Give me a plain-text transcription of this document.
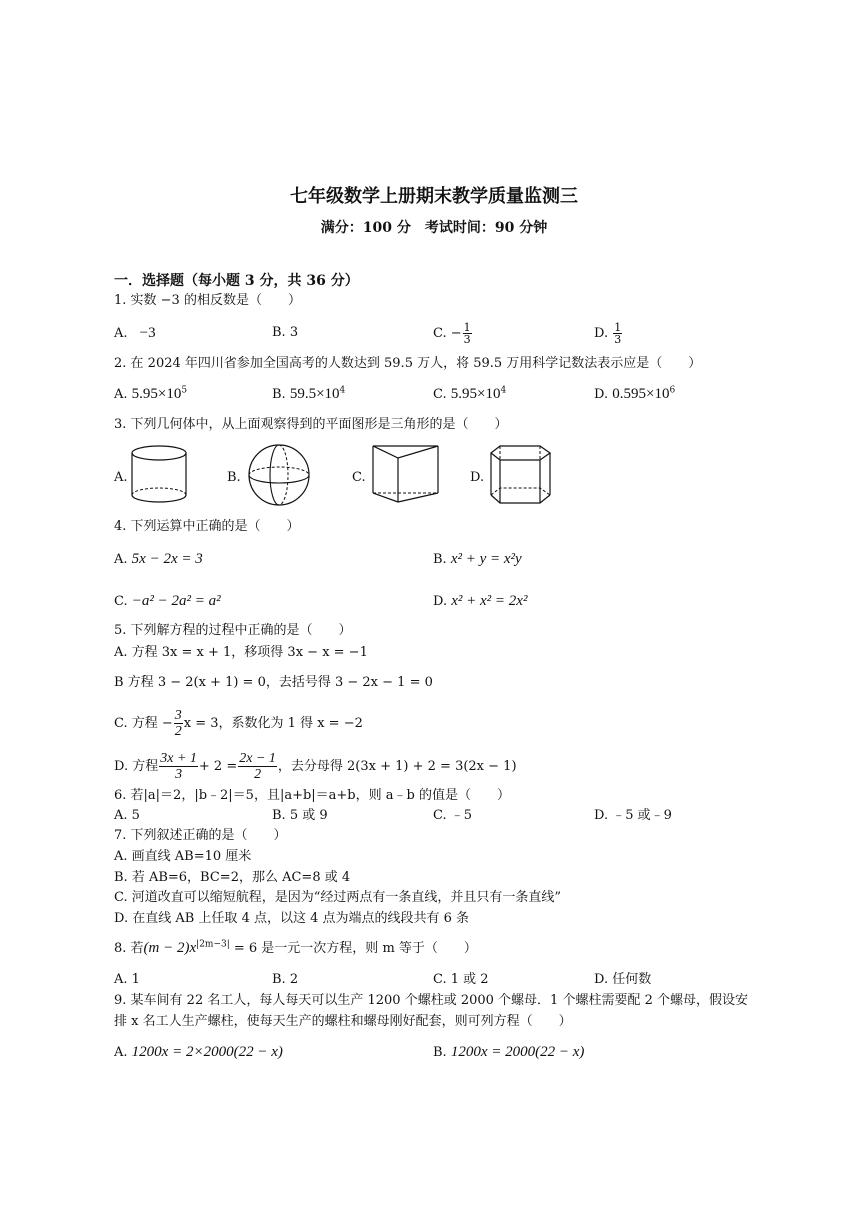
七年级数学上册期末教学质量监测三
满分：100 分　考试时间：90 分钟
一．选择题（每小题 3 分，共 36 分）
1. 实数 −3 的相反数是（　　）
A. −3	B. 3	C. − $\frac{1}{3}$	D. $\frac{1}{3}$
2. 在 2024 年四川省参加全国高考的人数达到 59.5 万人，将 59.5 万用科学记数法表示应是（　　）
A. $5.95\times 10^5$	B. $59.5\times 10^4$	C. $5.95\times 10^4$	D. $0.595\times 10^6$
3. 下列几何体中，从上面观察得到的平面图形是三角形的是（　　）
A.	B.	C.	D.
4. 下列运算中正确的是（　　）
A. 5x − 2x = 3	B. x² + y = x²y
C. −a² − 2a² = a²	D. x² + x² = 2x²
5. 下列解方程的过程中正确的是（　　）
A. 方程 3x = x + 1，移项得 3x − x = −1
B 方程 3 − 2(x + 1) = 0，去括号得 3 − 2x − 1 = 0
C. 方程 − $\frac{3}{2}$ x = 3，系数化为 1 得 x = −2
D. 方程 $\frac{3x + 1}{3} + 2 = \frac{2x - 1}{2}$ ，去分母得 2(3x + 1) + 2 = 3(2x − 1)
6. 若|a|＝2，|b﹣2|＝5，且|a+b|＝a+b，则 a﹣b 的值是（　　）
A. 5	B. 5 或 9	C. ﹣5	D. ﹣5 或﹣9
7. 下列叙述正确的是（　　）
A. 画直线 AB=10 厘米
B. 若 AB=6，BC=2，那么 AC=8 或 4
C. 河道改直可以缩短航程，是因为“经过两点有一条直线，并且只有一条直线”
D. 在直线 AB 上任取 4 点，以这 4 点为端点的线段共有 6 条
8. 若$(m - 2)x^{|2m-3|} = 6$ 是一元一次方程，则 m 等于（　　）
A. 1	B. 2	C. 1 或 2	D. 任何数
9. 某车间有 22 名工人，每人每天可以生产 1200 个螺柱或 2000 个螺母．1 个螺柱需要配 2 个螺母，假设安
排 x 名工人生产螺柱，使每天生产的螺柱和螺母刚好配套，则可列方程（　　）
A. 1200x = 2×2000(22 − x)	B. 1200x = 2000(22 − x)
